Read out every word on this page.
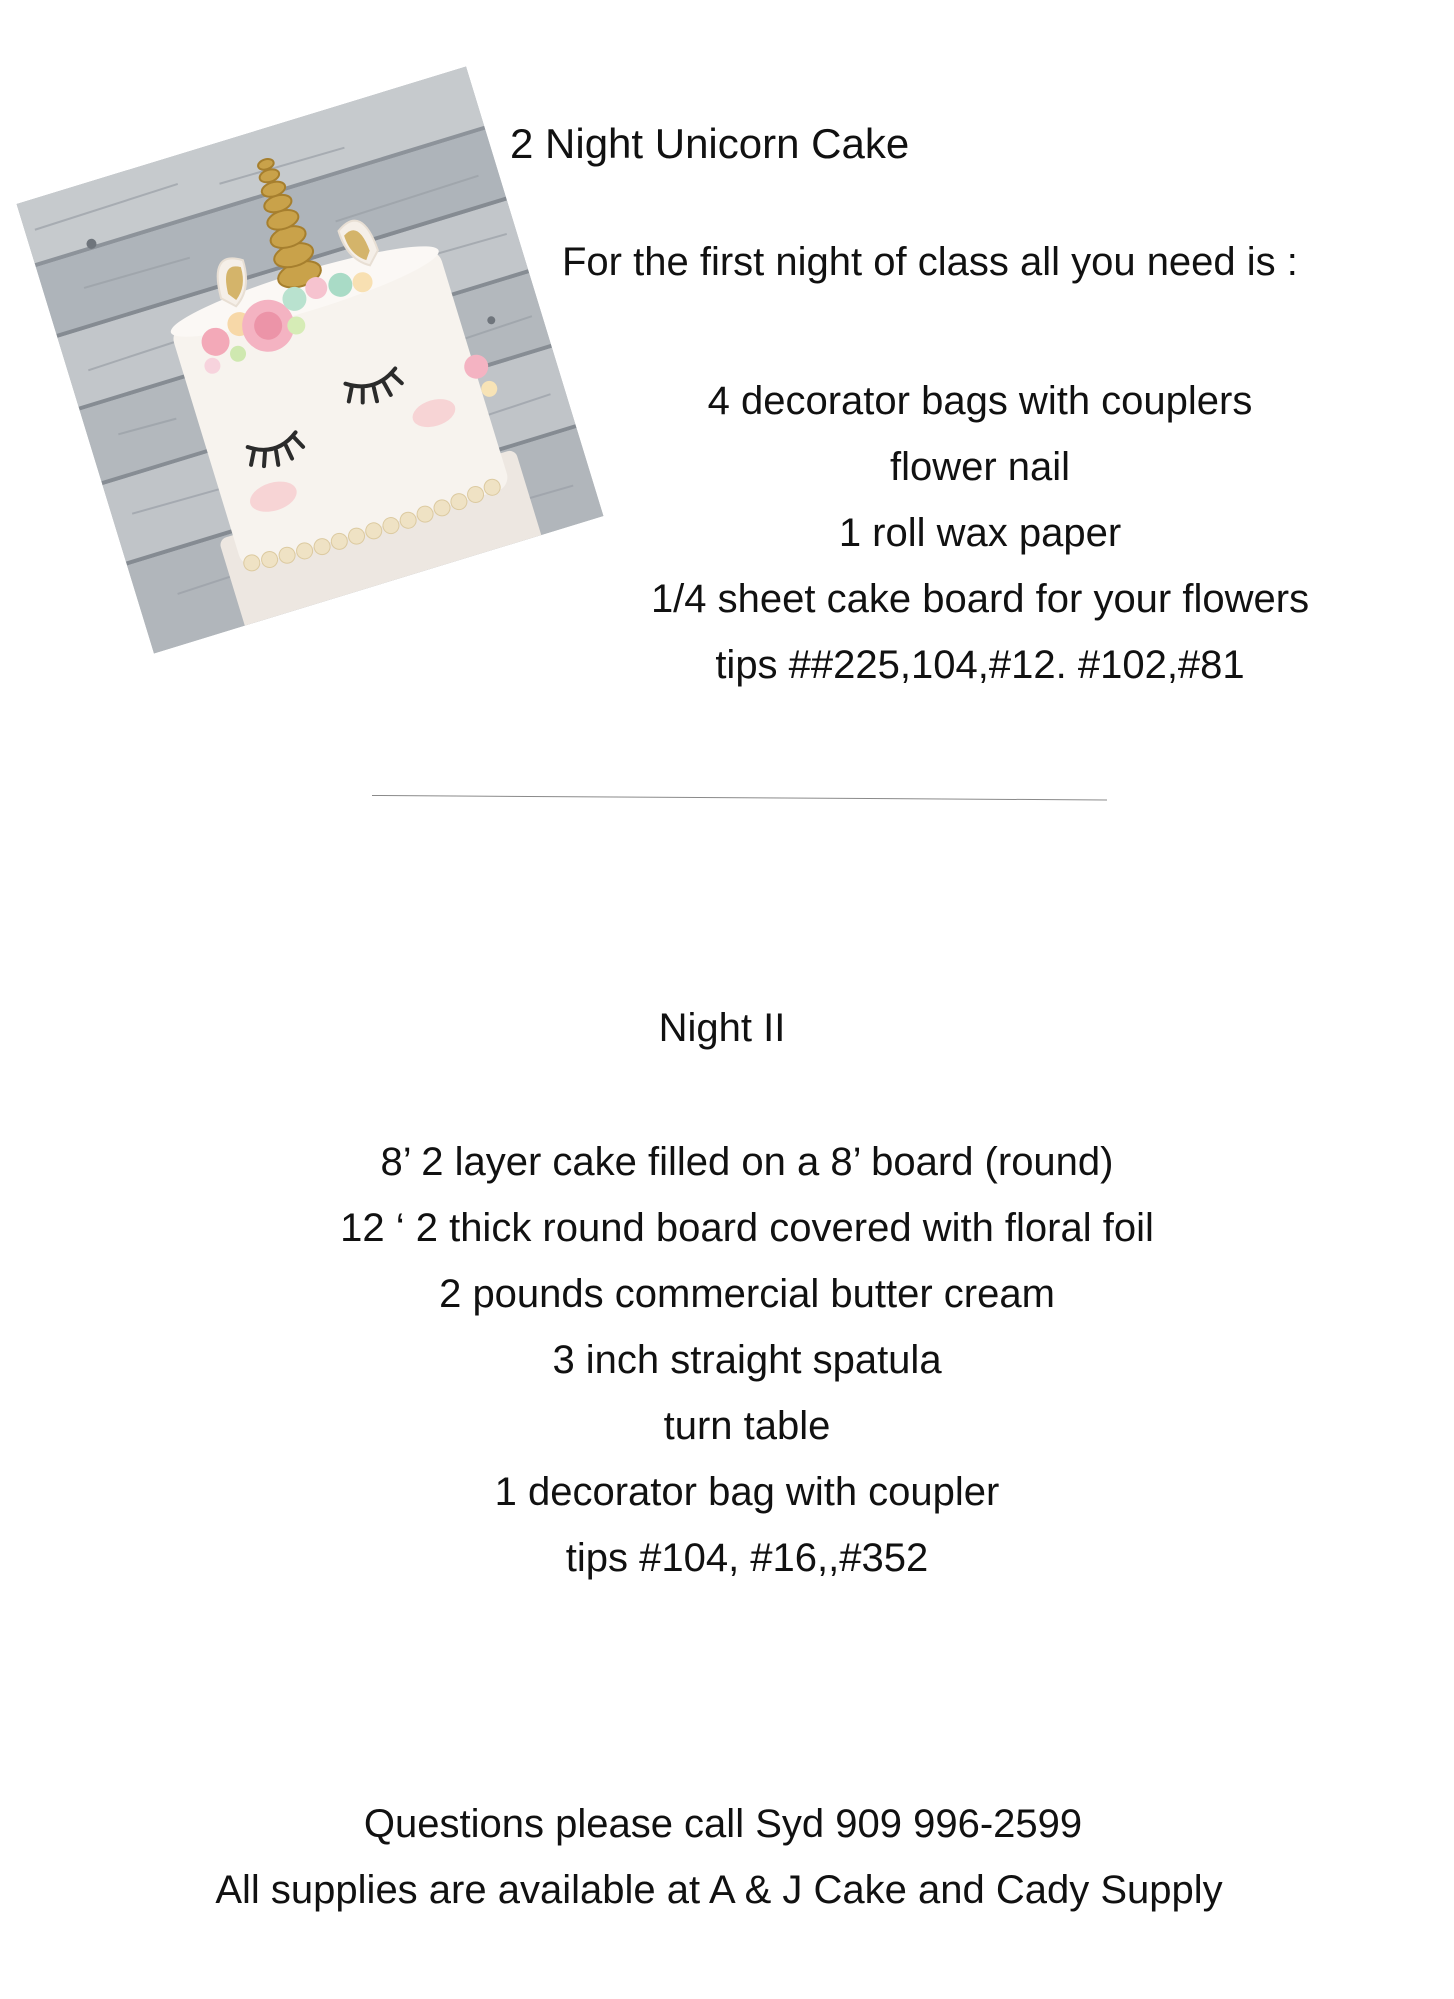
2 Night Unicorn Cake
For the first night of class all you need is :
4 decorator bags with couplers
flower nail
1 roll wax paper
1/4 sheet cake board for your flowers
tips ##225,104,#12. #102,#81
Night II
8’ 2 layer cake filled on a 8’ board (round)
12 ‘ 2 thick round board covered with floral foil
2 pounds commercial butter cream
3 inch straight spatula
turn table
1 decorator bag with coupler
tips #104, #16,,#352
Questions please call Syd 909 996-2599
All supplies are available at A & J Cake and Cady Supply
